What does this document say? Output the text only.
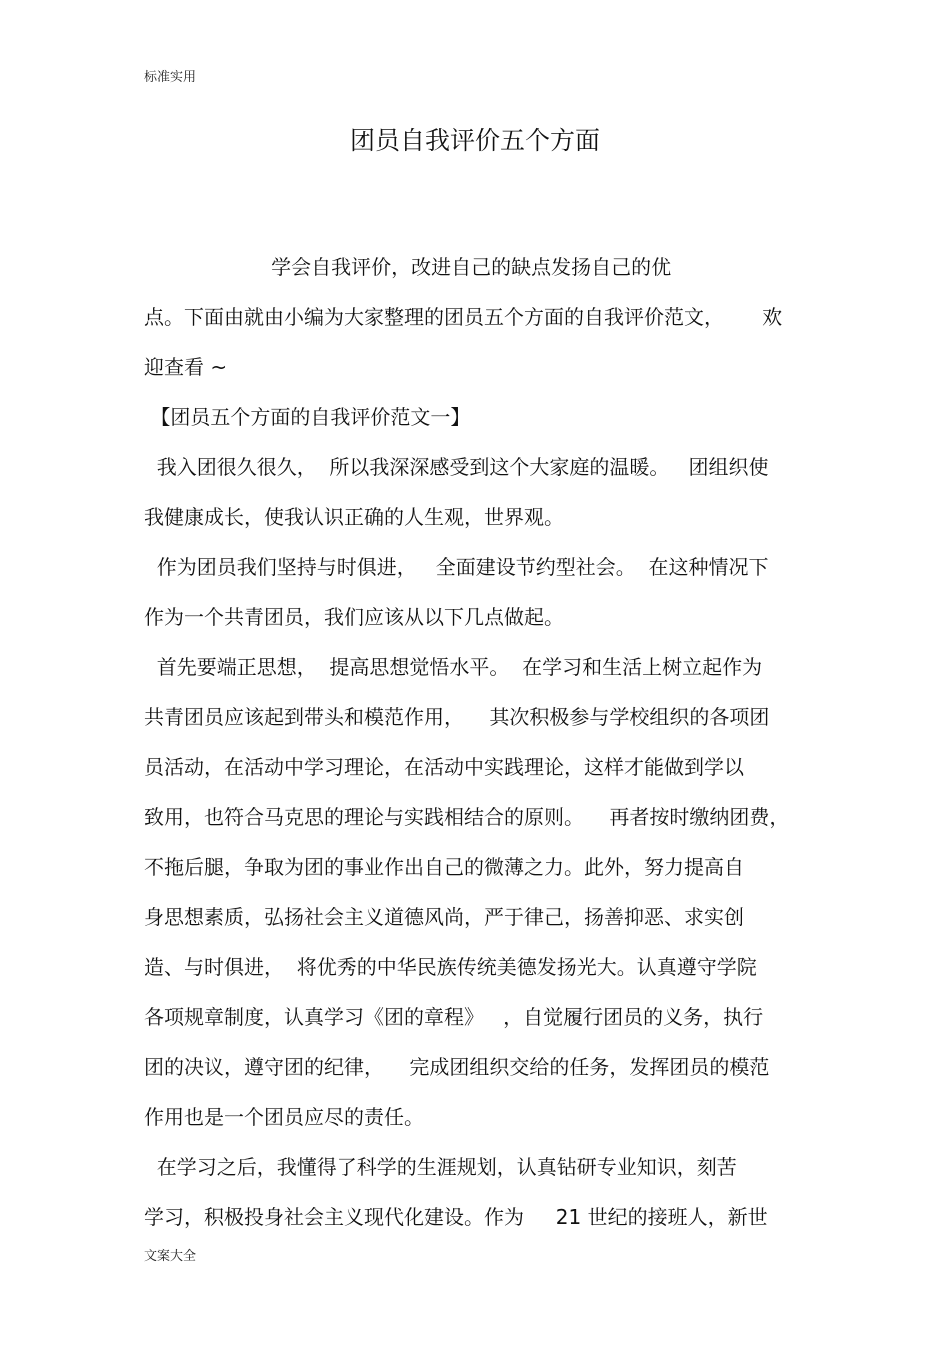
标准实用
团员自我评价五个方面
学会自我评价，改进自己的缺点发扬自己的优
点。下面由就由小编为大家整理的团员五个方面的自我评价范文，      欢
迎查看 ~
【团员五个方面的自我评价范文一】
我入团很久很久，  所以我深深感受到这个大家庭的温暖。   团组织使
我健康成长，使我认识正确的人生观，世界观。
作为团员我们坚持与时俱进，   全面建设节约型社会。  在这种情况下
作为一个共青团员，我们应该从以下几点做起。
首先要端正思想，  提高思想觉悟水平。  在学习和生活上树立起作为
共青团员应该起到带头和模范作用，    其次积极参与学校组织的各项团
员活动，在活动中学习理论，在活动中实践理论，这样才能做到学以
致用，也符合马克思的理论与实践相结合的原则。    再者按时缴纳团费，
不拖后腿，争取为团的事业作出自己的微薄之力。此外，努力提高自
身思想素质，弘扬社会主义道德风尚，严于律己，扬善抑恶、求实创
造、与时俱进，  将优秀的中华民族传统美德发扬光大。认真遵守学院
各项规章制度，认真学习《团的章程》   ，自觉履行团员的义务，执行
团的决议，遵守团的纪律，    完成团组织交给的任务，发挥团员的模范
作用也是一个团员应尽的责任。
在学习之后，我懂得了科学的生涯规划，认真钻研专业知识，刻苦
学习，积极投身社会主义现代化建设。作为     21 世纪的接班人，新世
文案大全
